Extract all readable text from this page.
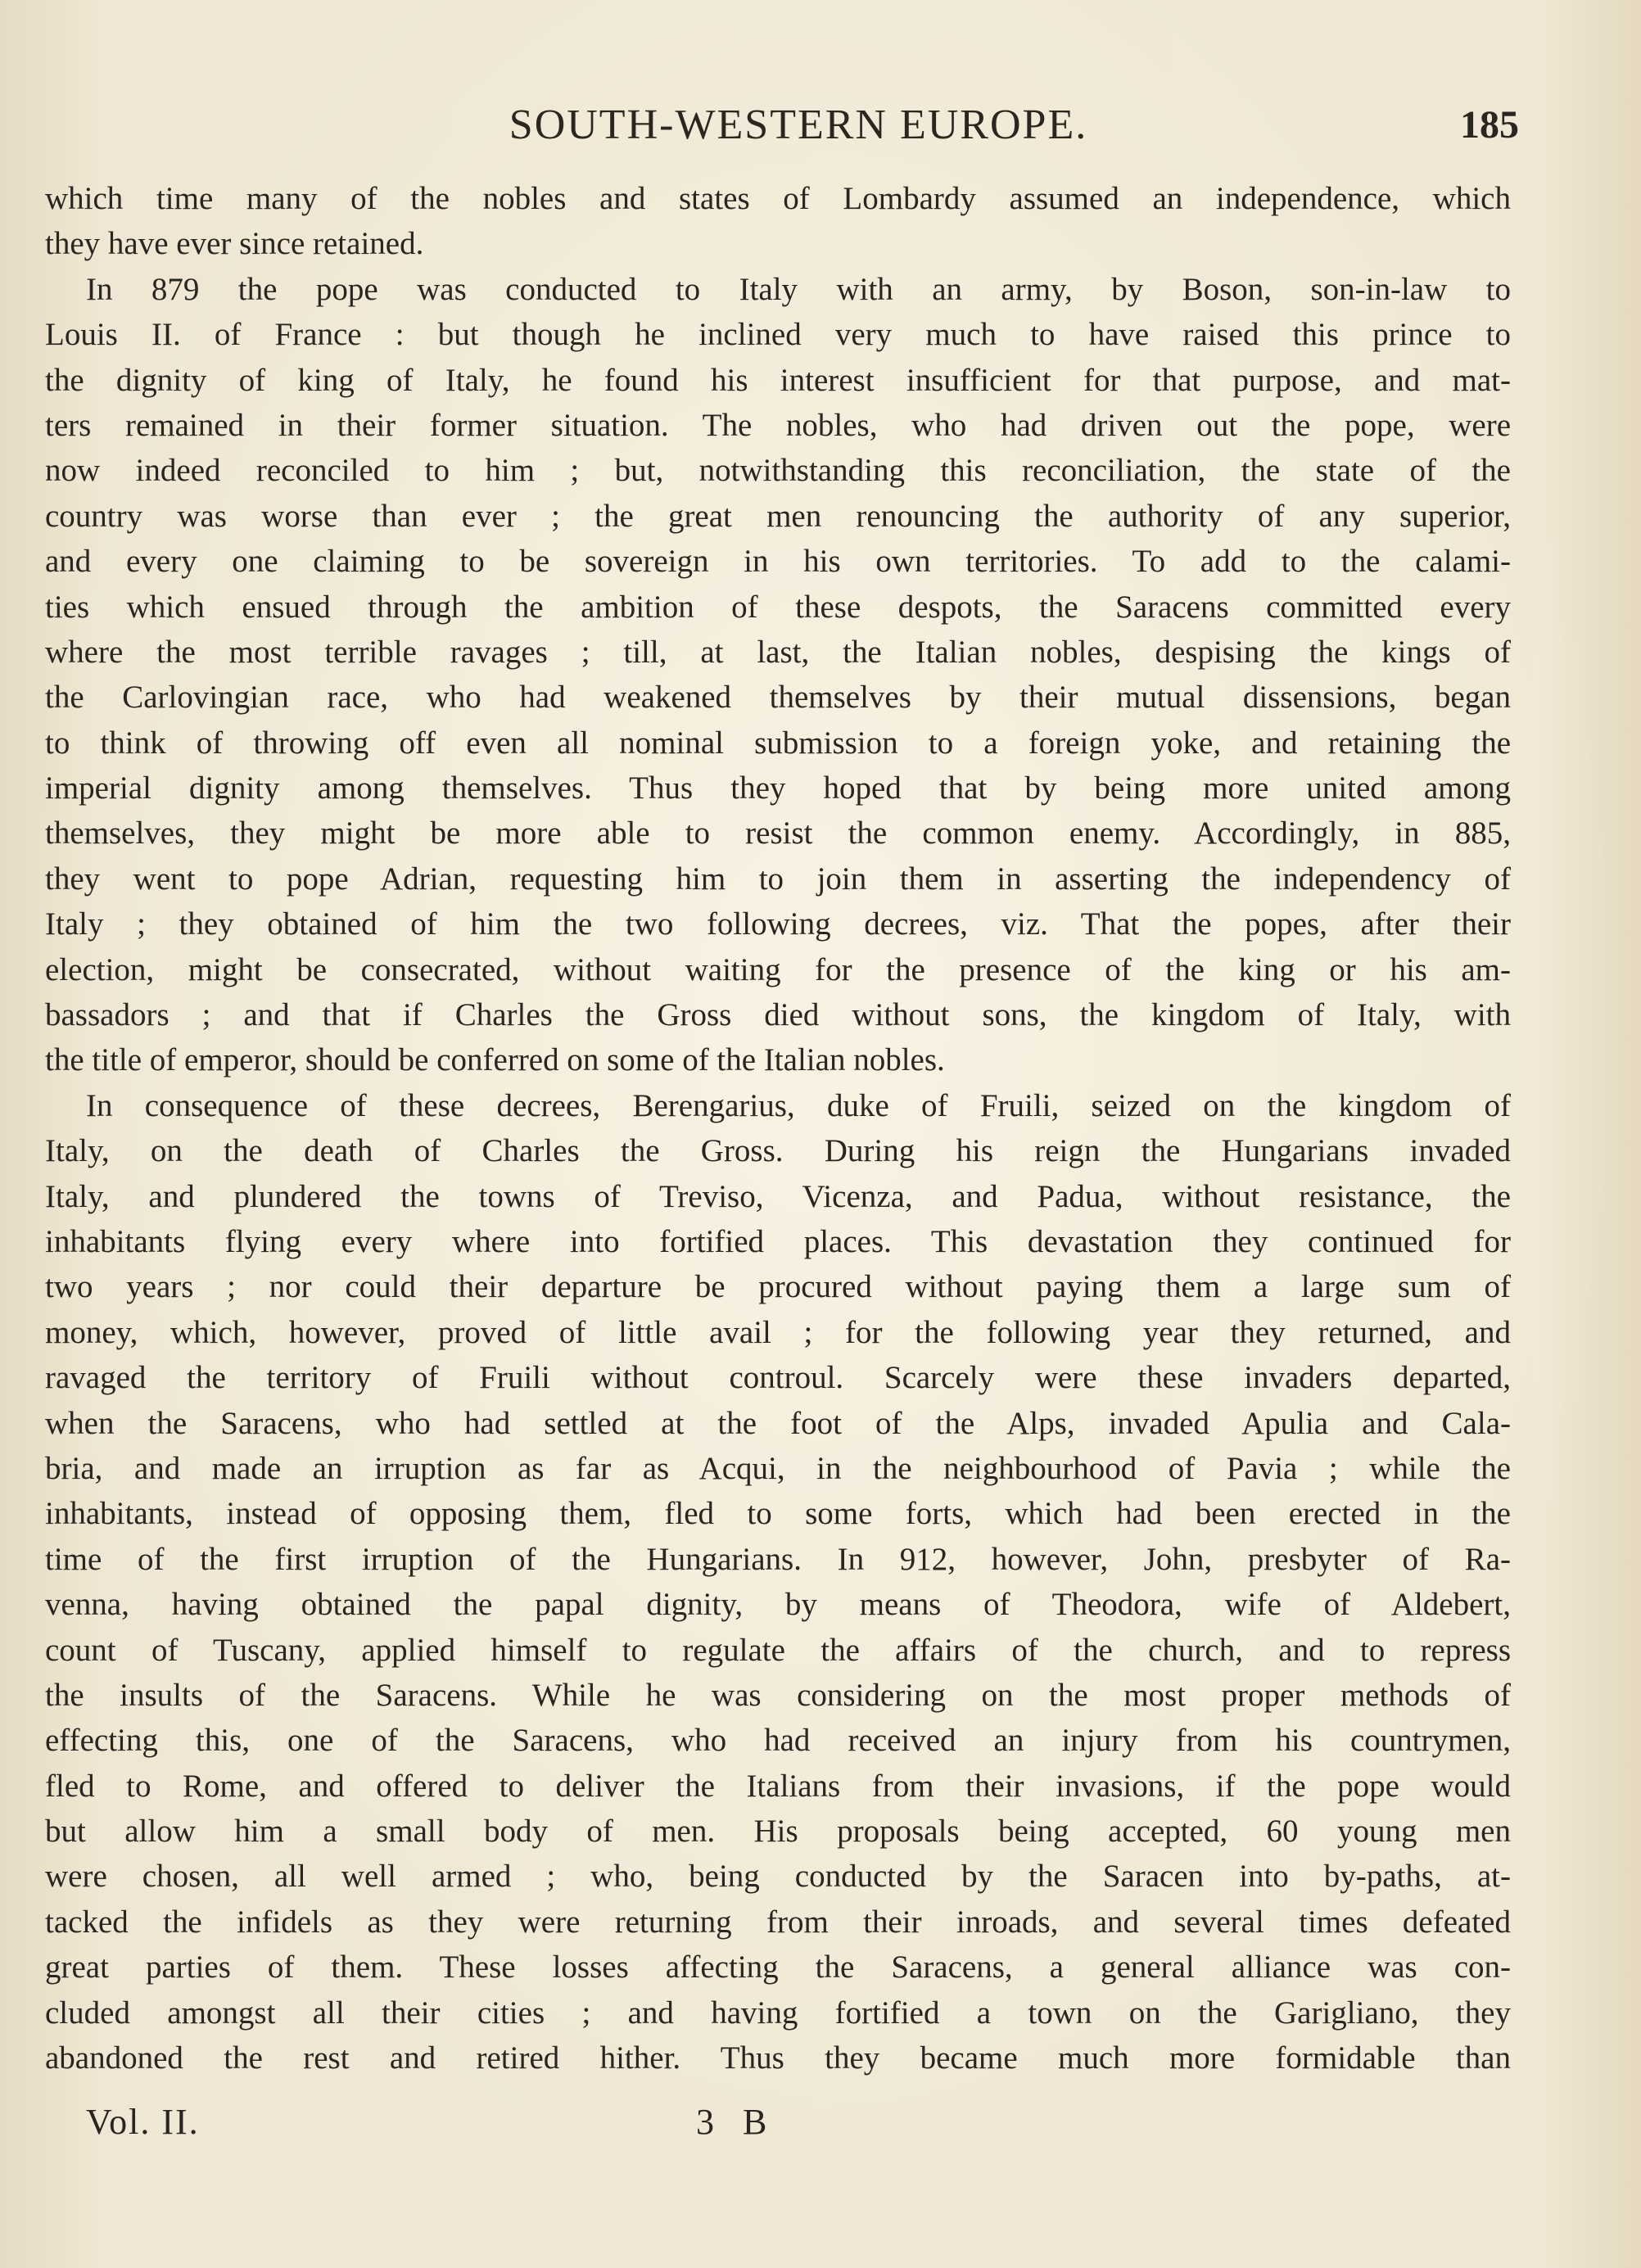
SOUTH-WESTERN EUROPE.	185
which time many of the nobles and states of Lombardy assumed an independence, which
they have ever since retained.
In 879 the pope was conducted to Italy with an army, by Boson, son-in-law to
Louis II. of France : but though he inclined very much to have raised this prince to
the dignity of king of Italy, he found his interest insufficient for that purpose, and mat-
ters remained in their former situation. The nobles, who had driven out the pope, were
now indeed reconciled to him ; but, notwithstanding this reconciliation, the state of the
country was worse than ever ; the great men renouncing the authority of any superior,
and every one claiming to be sovereign in his own territories. To add to the calami-
ties which ensued through the ambition of these despots, the Saracens committed every
where the most terrible ravages ; till, at last, the Italian nobles, despising the kings of
the Carlovingian race, who had weakened themselves by their mutual dissensions, began
to think of throwing off even all nominal submission to a foreign yoke, and retaining the
imperial dignity among themselves. Thus they hoped that by being more united among
themselves, they might be more able to resist the common enemy. Accordingly, in 885,
they went to pope Adrian, requesting him to join them in asserting the independency of
Italy ; they obtained of him the two following decrees, viz. That the popes, after their
election, might be consecrated, without waiting for the presence of the king or his am-
bassadors ; and that if Charles the Gross died without sons, the kingdom of Italy, with
the title of emperor, should be conferred on some of the Italian nobles.
In consequence of these decrees, Berengarius, duke of Fruili, seized on the kingdom of
Italy, on the death of Charles the Gross. During his reign the Hungarians invaded
Italy, and plundered the towns of Treviso, Vicenza, and Padua, without resistance, the
inhabitants flying every where into fortified places. This devastation they continued for
two years ; nor could their departure be procured without paying them a large sum of
money, which, however, proved of little avail ; for the following year they returned, and
ravaged the territory of Fruili without controul. Scarcely were these invaders departed,
when the Saracens, who had settled at the foot of the Alps, invaded Apulia and Cala-
bria, and made an irruption as far as Acqui, in the neighbourhood of Pavia ; while the
inhabitants, instead of opposing them, fled to some forts, which had been erected in the
time of the first irruption of the Hungarians. In 912, however, John, presbyter of Ra-
venna, having obtained the papal dignity, by means of Theodora, wife of Aldebert,
count of Tuscany, applied himself to regulate the affairs of the church, and to repress
the insults of the Saracens. While he was considering on the most proper methods of
effecting this, one of the Saracens, who had received an injury from his countrymen,
fled to Rome, and offered to deliver the Italians from their invasions, if the pope would
but allow him a small body of men. His proposals being accepted, 60 young men
were chosen, all well armed ; who, being conducted by the Saracen into by-paths, at-
tacked the infidels as they were returning from their inroads, and several times defeated
great parties of them. These losses affecting the Saracens, a general alliance was con-
cluded amongst all their cities ; and having fortified a town on the Garigliano, they
abandoned the rest and retired hither. Thus they became much more formidable than
Vol. II.	3 B
